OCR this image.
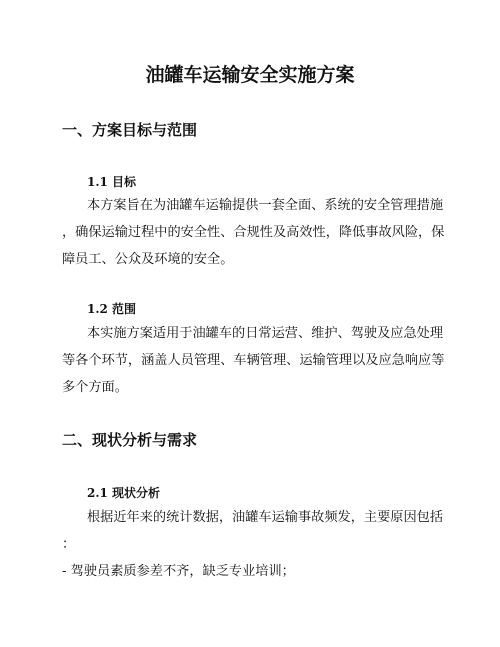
油罐车运输安全实施方案
一、方案目标与范围
1.1 目标
本方案旨在为油罐车运输提供一套全面、系统的安全管理措施
，确保运输过程中的安全性、合规性及高效性，降低事故风险，保
障员工、公众及环境的安全。
1.2 范围
本实施方案适用于油罐车的日常运营、维护、驾驶及应急处理
等各个环节，涵盖人员管理、车辆管理、运输管理以及应急响应等
多个方面。
二、现状分析与需求
2.1 现状分析
根据近年来的统计数据，油罐车运输事故频发，主要原因包括
：
- 驾驶员素质参差不齐，缺乏专业培训；
